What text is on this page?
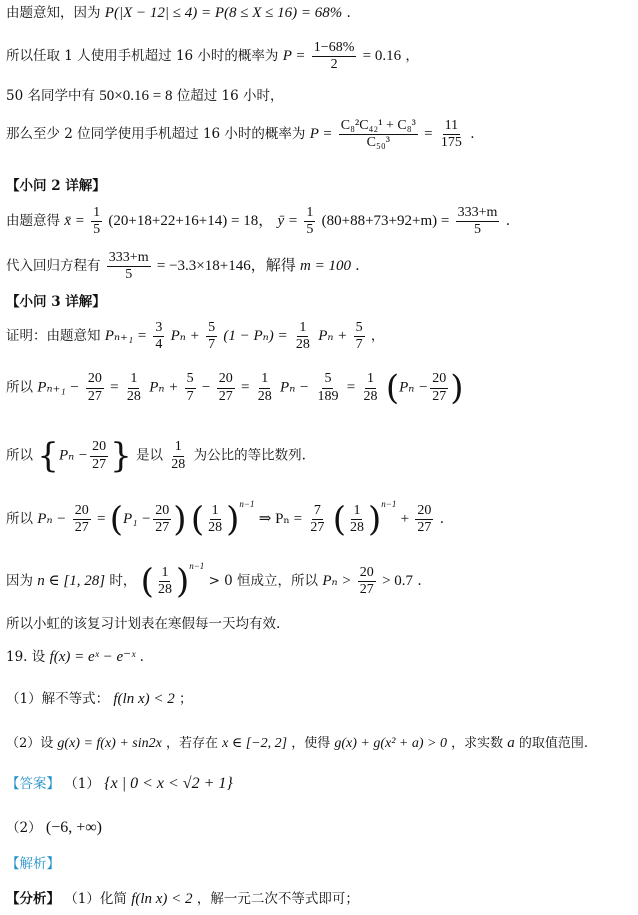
由题意知，因为 P(|X − 12| ≤ 4) = P(8 ≤ X ≤ 16) = 68% .
所以任取 1 人使用手机超过 16 小时的概率为 $P = \frac{1-68\%}{2} = 0.16$ ，
50 名同学中有 50×0.16 = 8 位超过 16 小时，
那么至少 2 位同学使用手机超过 16 小时的概率为 $P = \frac{\text{C₈²C₄₂¹ + C₈³}}{\text{C₅₀³}} = \frac{11}{175}$ .
【小问 2 详解】
由题意得 x̄ = $\frac{1}{5} (20+18+22+16+14) = 18$， ȳ = $\frac{1}{5} (80+88+73+92+m) = \frac{333+m}{5}$ .
代入回归方程有 $\frac{333+m}{5} = -3.3\times 18+146$，解得 m = 100 .
【小问 3 详解】
证明：由题意知 $P_{n+1} = \frac{3}{4}$ $P_n + \frac{5}{7} (1 - P_n) = \frac{1}{28}$ $P_n + \frac{5}{7}$ ，
所以 $P_{n+1} - \frac{20}{27} = \frac{1}{28}$ $P_n + \frac{5}{7} - \frac{20}{27} = \frac{1}{28}$ $P_n - \frac{5}{189} = \frac{1}{28} (P_n - \frac{20}{27}$ )
所以 {$P_n - \frac{20}{27}$ } 是以 $\frac{1}{28}$ 为公比的等比数列.
所以 $P_n - \frac{20}{27} = (P_1 - \frac{20}{27}$ ) ( $\frac{1}{28} )^{n-1}$ ⇒ $P_n = \frac{7}{27}$ ( $\frac{1}{28} )^{n-1} + \frac{20}{27}$ .
因为 n ∈ [1, 28] 时， ( $\frac{1}{28} )^{n-1} > 0$ 恒成立，所以 $P_n > \frac{20}{27} > 0.7$ .
所以小虹的该复习计划表在寒假每一天均有效.
19. 设 f(x) = eˣ − e⁻ˣ .
（1）解不等式： f(ln x) < 2 ；
（2）设 g(x) = f(x) + sin2x ，若存在 x ∈ [−2, 2] ，使得 g(x) + g(x² + a) > 0 ，求实数 a 的取值范围.
【答案】 （1） {x | 0 < x < √2 + 1}
（2） (−6, +∞)
【解析】
【分析】 （1）化简 f(ln x) < 2 ，解一元二次不等式即可；
